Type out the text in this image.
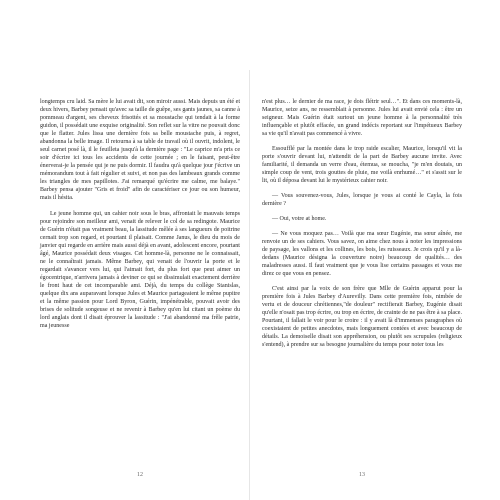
longtemps cru laid. Sa mère le lui avait dit, son miroir aussi. Mais depuis un été et deux hivers, Barbey pensait qu'avec sa taille de guêpe, ses gants jaunes, sa canne à pommeau d'argent, ses cheveux frisottés et sa moustache qui tendait à la forme guidon, il possédait une exquise originalité. Son reflet sur la vitre ne pouvait donc que le flatter. Jules lissa une dernière fois sa belle moustache puis, à regret, abandonna la belle image. Il retourna à sa table de travail où il ouvrit, indolent, le seul carnet posé là, il le feuilleta jusqu'à la dernière page : "Le caprice m'a pris ce soir d'écrire ici tous les accidents de cette journée ; en le faisant, peut-être énerverai-je la pensée qui je ne puis dormir. Il faudra qu'à quelque jour j'écrive un mémorandum tout à fait régulier et suivi, et non pas des lambeaux grands comme les triangles de mes papillotes. J'ai remarqué qu'écrire me calme, me balaye." Barbey pensa ajouter "Gris et froid" afin de caractériser ce jour ou son humeur, mais il hésita.

Le jeune homme qui, un cahier noir sous le bras, affrontait le mauvais temps pour rejoindre son meilleur ami, venait de relever le col de sa redingote. Maurice de Guérin n'était pas vraiment beau, la lassitude mêlée à ses langueurs de poitrine cernait trop son regard, et pourtant il plaisait. Comme Janus, le dieu du mois de janvier qui regarde en arrière mais aussi déjà en avant, adolescent encore, pourtant âgé, Maurice possédait deux visages. Cet homme-là, personne ne le connaissait, ne le connaîtrait jamais. Même Barbey, qui venait de l'ouvrir la porte et le regardait s'avancer vers lui, qui l'aimait fort, du plus fort que peut aimer un égocentrique, n'arrivera jamais à deviner ce qui se dissimulait exactement derrière le front haut de cet incomparable ami. Déjà, du temps du collège Stanislas, quelque dix ans auparavant lorsque Jules et Maurice partageaient le même pupitre et la même passion pour Lord Byron, Guérin, impénétrable, pouvait avoir des brises de solitude songeuse et ne revenir à Barbey qu'en lui citant un poème du lord anglais dont il disait éprouver la lassitude : "J'ai abandonné ma frêle patrie, ma jeunesse

12

n'est plus… le dernier de ma race, je dois flétrir seul…". Et dans ces moments-là, Maurice, seize ans, ne ressemblait à personne. Jules lui avait envié cela : être un seigneur. Mais Guérin était surtout un jeune homme à la personnalité très influençable et plutôt effacée, un grand indécis reportant sur l'impétueux Barbey sa vie qu'il n'avait pas commencé à vivre.

Essoufflé par la montée dans le trop raide escalier, Maurice, lorsqu'il vit la porte s'ouvrir devant lui, n'attendit de la part de Barbey aucune invite. Avec familiarité, il demanda un verre d'eau, étemua, se moucha, "je m'en doutais, un simple coup de vent, trois gouttes de pluie, me voilà enrhumé…" et s'assit sur le lit, où il déposa devant lui le mystérieux cahier noir.

— Vous souvenez-vous, Jules, lorsque je vous ai conté le Cayla, la fois dernière ?

— Oui, votre at home.

— Ne vous moquez pas… Voilà que ma sœur Eugénie, ma sœur aînée, me renvoie un de ses cahiers. Vous savez, on aime chez nous à noter les impressions de paysage, les vallons et les collines, les bois, les ruisseaux. Je crois qu'il y a là-dedans (Maurice désigna la couverture noire) beaucoup de qualités… des maladresses aussi. Il faut vraiment que je vous lise certains passages et vous me direz ce que vous en pensez.

C'est ainsi par la voix de son frère que Mlle de Guérin apparut pour la première fois à Jules Barbey d'Aurevilly. Dans cette première fois, nimbée de vertu et de douceur chrétiennes,"de douleur" rectifierait Barbey, Eugénie disait qu'elle n'osait pas trop écrire, ou trop en écrire, de crainte de ne pas être à sa place. Pourtant, il fallait le voir pour le croire : il y avait là d'immenses paragraphes où coexistaient de petites anecdotes, mais longuement contées et avec beaucoup de détails. La demoiselle disait son appréhension, ou plutôt ses scrupules (religieux s'entend), à prendre sur sa besogne journalière du temps pour noter tous les

13
